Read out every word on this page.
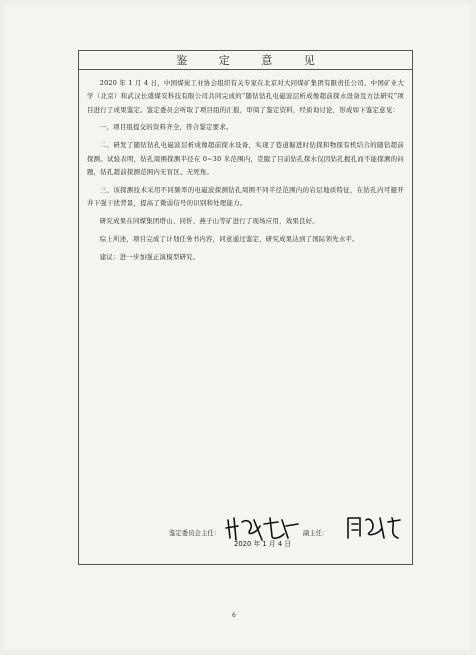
鉴 定 意 见

2020 年 1 月 4 日，中国煤炭工业协会组织有关专家在北京对大同煤矿集团有限责任公司、中国矿业大学（北京）和武汉长盛煤安科技有限公司共同完成的“随钻钻孔电磁波层析成像超前探水设备及方法研究”项目进行了成果鉴定。鉴定委员会听取了项目组的汇报，审阅了鉴定资料，经质询讨论，形成如下鉴定意见：

一、项目组提交的资料齐全，符合鉴定要求。

二、研发了随钻钻孔电磁波层析成像超前探水设备，实现了巷道掘进时钻探和物探有机结合的随钻超前探测。试验表明，钻孔周围探测半径在 0~30 米范围内，克服了目前钻孔探水仅因钻孔揭孔而不能探测的问题，钻孔超前探测范围内无盲区、无死角。

三、该探测技术采用不同频率的电磁波探测钻孔周围不同半径范围内的岩层地质特征，在钻孔内可避开井下强干扰背景，提高了微弱信号的识别和处理能力。

研究成果在同煤集团塔山、同忻、燕子山等矿进行了现场应用，效果良好。

综上所述，项目完成了计划任务书内容，同意通过鉴定，研究成果达到了国际领先水平。

建议：进一步加强正演模型研究。

鉴定委员会主任：	副主任：
2020 年 1 月 4 日
6
